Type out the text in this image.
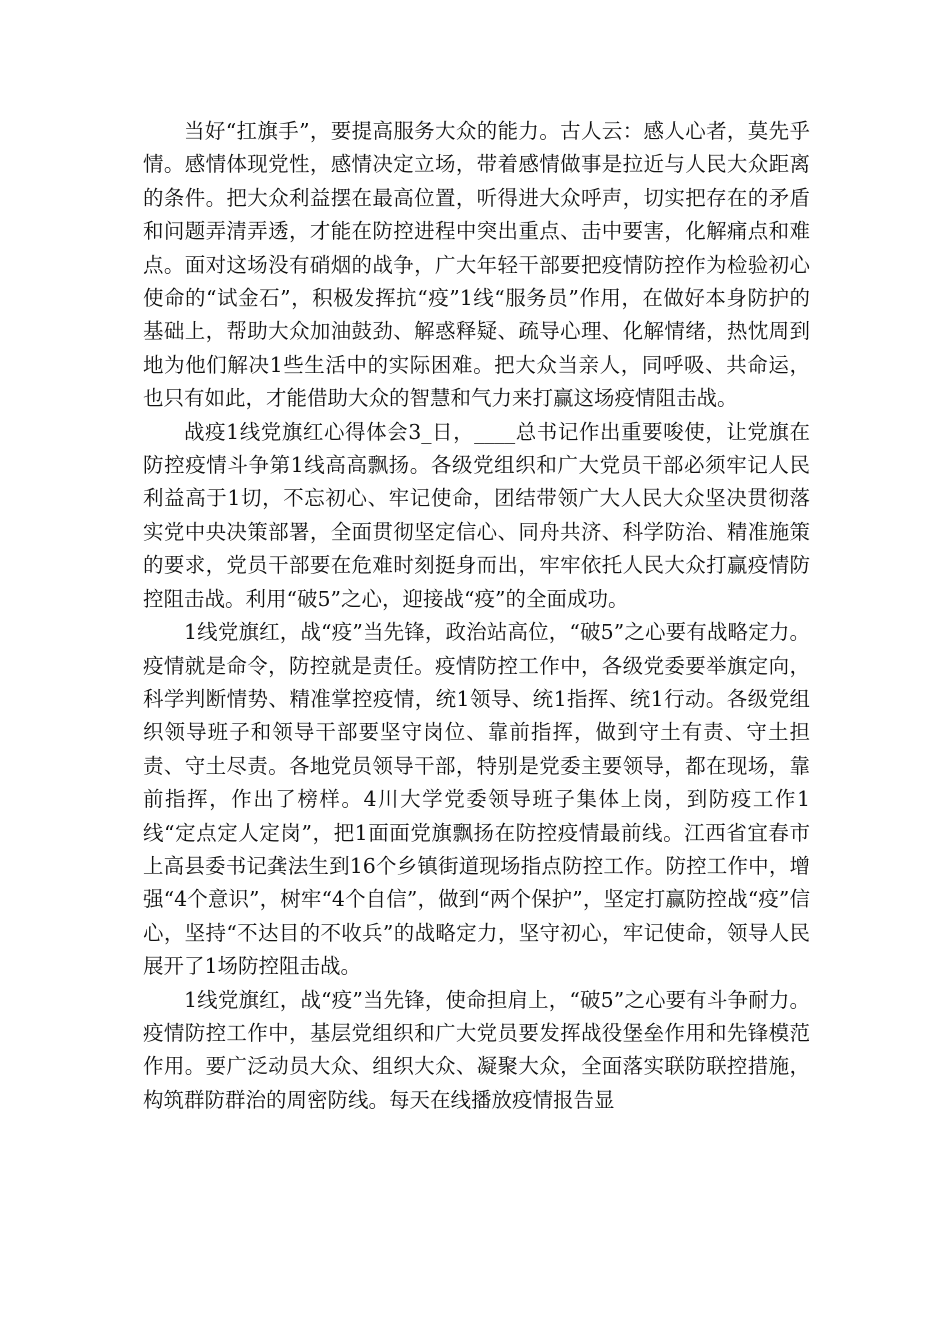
当好“扛旗手”，要提高服务大众的能力。古人云：感人心者，莫先乎情。感情体现党性，感情决定立场，带着感情做事是拉近与人民大众距离的条件。把大众利益摆在最高位置，听得进大众呼声，切实把存在的矛盾和问题弄清弄透，才能在防控进程中突出重点、击中要害，化解痛点和难点。面对这场没有硝烟的战争，广大年轻干部要把疫情防控作为检验初心使命的“试金石”，积极发挥抗“疫”1线“服务员”作用，在做好本身防护的基础上，帮助大众加油鼓劲、解惑释疑、疏导心理、化解情绪，热忱周到地为他们解决1些生活中的实际困难。把大众当亲人，同呼吸、共命运，也只有如此，才能借助大众的智慧和气力来打赢这场疫情阻击战。

战疫1线党旗红心得体会3_日，____总书记作出重要唆使，让党旗在防控疫情斗争第1线高高飘扬。各级党组织和广大党员干部必须牢记人民利益高于1切，不忘初心、牢记使命，团结带领广大人民大众坚决贯彻落实党中央决策部署，全面贯彻坚定信心、同舟共济、科学防治、精准施策的要求，党员干部要在危难时刻挺身而出，牢牢依托人民大众打赢疫情防控阻击战。利用“破5”之心，迎接战“疫”的全面成功。

1线党旗红，战“疫”当先锋，政治站高位，“破5”之心要有战略定力。疫情就是命令，防控就是责任。疫情防控工作中，各级党委要举旗定向，科学判断情势、精准掌控疫情，统1领导、统1指挥、统1行动。各级党组织领导班子和领导干部要坚守岗位、靠前指挥，做到守土有责、守土担责、守土尽责。各地党员领导干部，特别是党委主要领导，都在现场，靠前指挥，作出了榜样。4川大学党委领导班子集体上岗，到防疫工作1线“定点定人定岗”，把1面面党旗飘扬在防控疫情最前线。江西省宜春市上高县委书记龚法生到16个乡镇街道现场指点防控工作。防控工作中，增强“4个意识”，树牢“4个自信”，做到“两个保护”，坚定打赢防控战“疫”信心，坚持“不达目的不收兵”的战略定力，坚守初心，牢记使命，领导人民展开了1场防控阻击战。

1线党旗红，战“疫”当先锋，使命担肩上，“破5”之心要有斗争耐力。疫情防控工作中，基层党组织和广大党员要发挥战役堡垒作用和先锋模范作用。要广泛动员大众、组织大众、凝聚大众，全面落实联防联控措施，构筑群防群治的周密防线。每天在线播放疫情报告显
